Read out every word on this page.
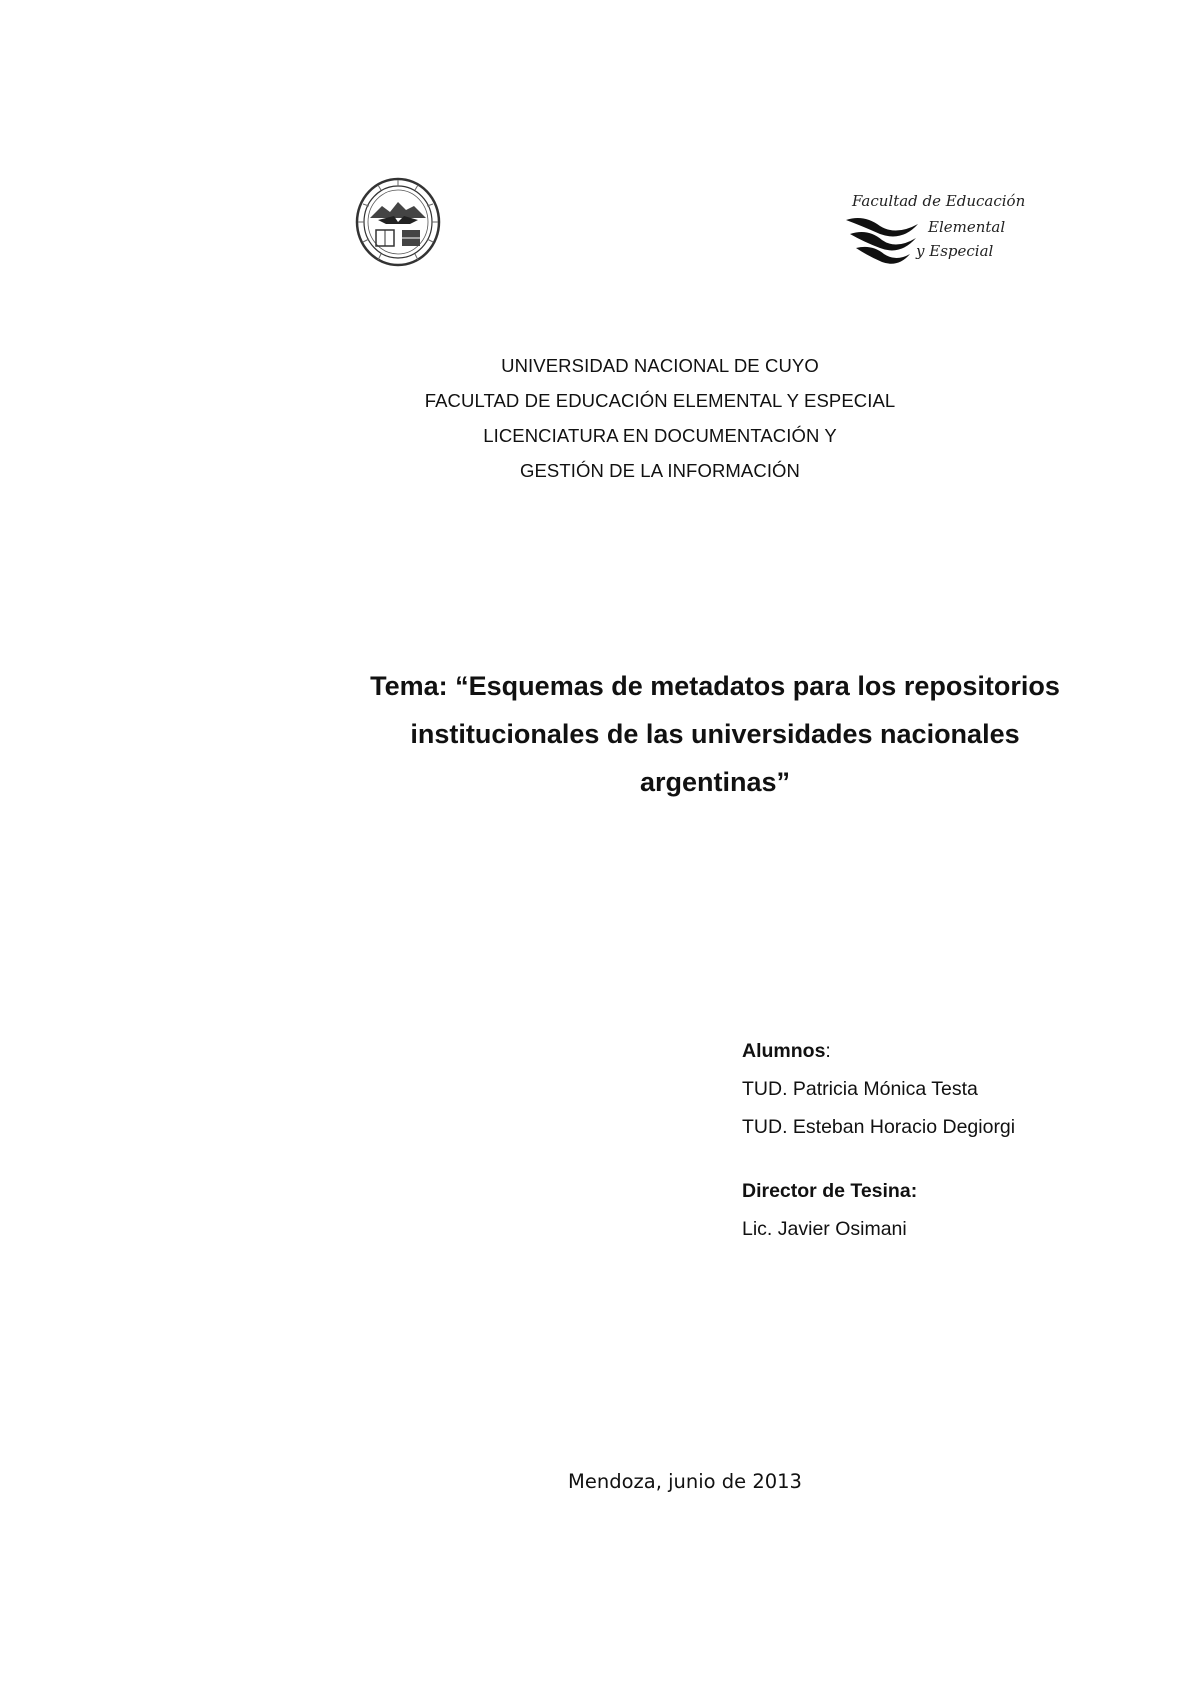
Facultad de Educación
Elemental
y Especial
UNIVERSIDAD NACIONAL DE CUYO
FACULTAD DE EDUCACIÓN ELEMENTAL Y ESPECIAL
LICENCIATURA EN DOCUMENTACIÓN Y
GESTIÓN DE LA INFORMACIÓN
Tema: “Esquemas de metadatos para los repositorios
institucionales de las universidades nacionales
argentinas”
Alumnos:
TUD. Patricia Mónica Testa
TUD. Esteban Horacio Degiorgi
Director de Tesina:
Lic. Javier Osimani
Mendoza, junio de 2013
